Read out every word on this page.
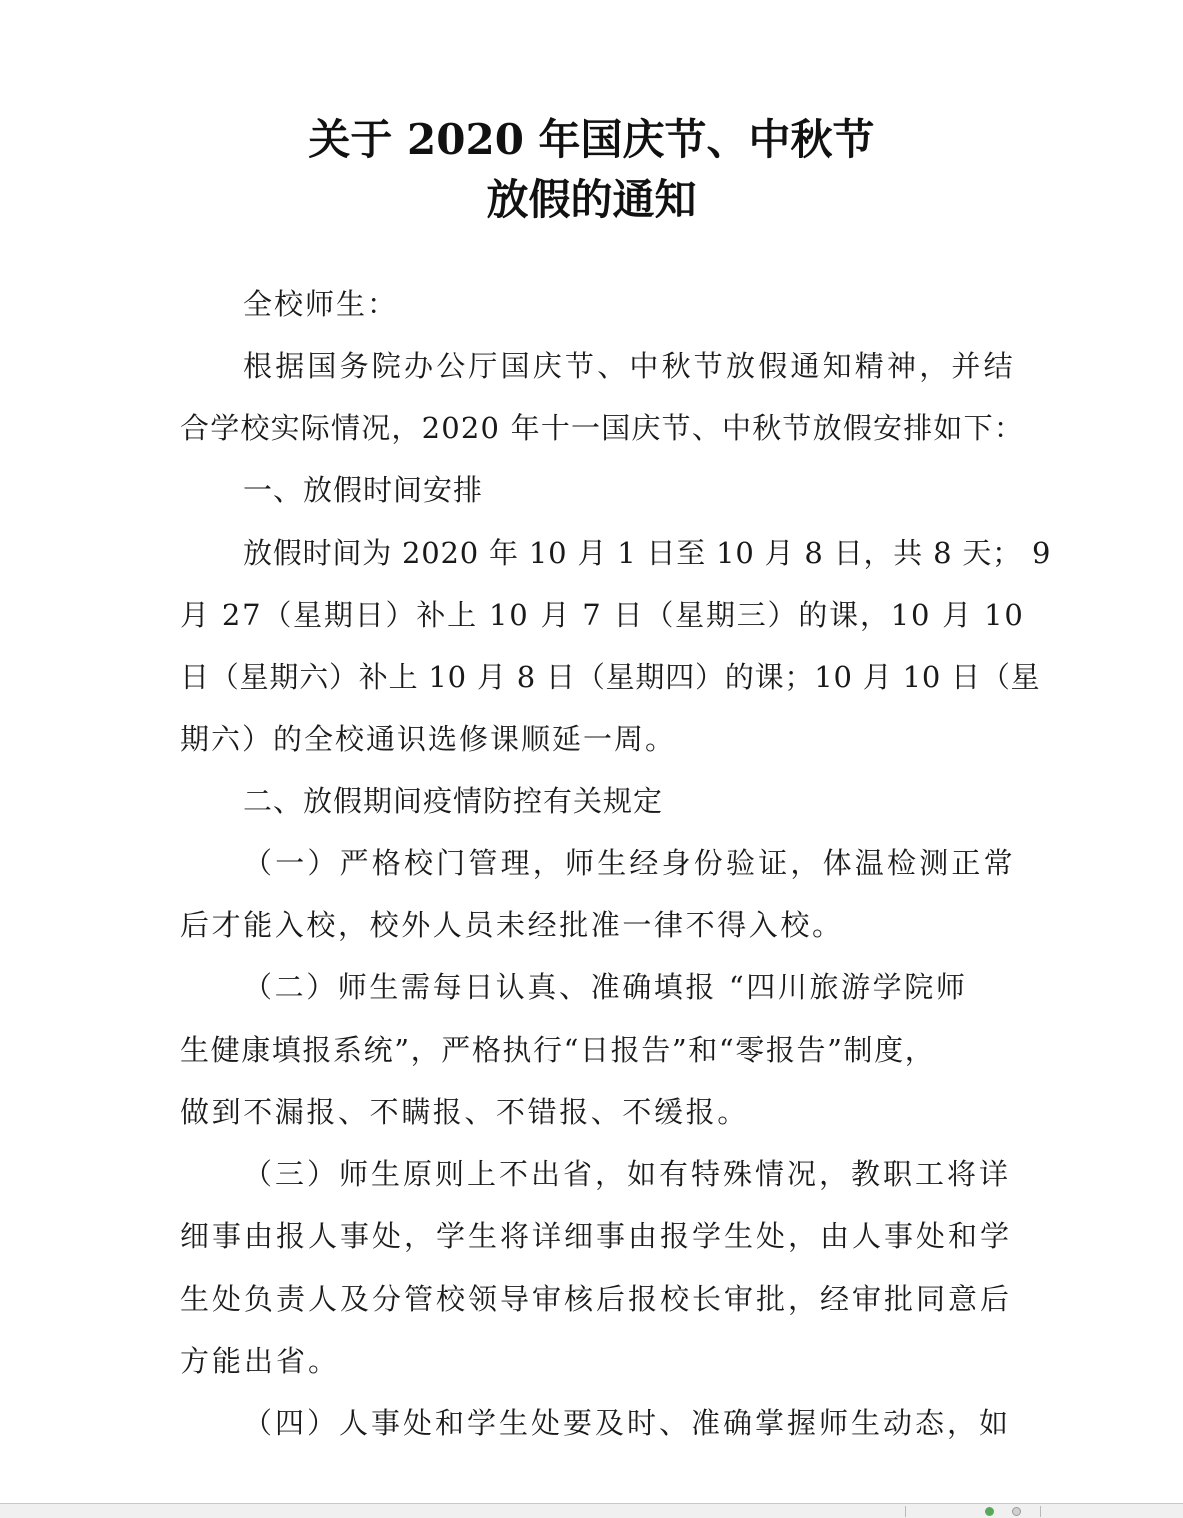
关于 2020 年国庆节、中秋节
放假的通知
全校师生：
根据国务院办公厅国庆节、中秋节放假通知精神，并结
合学校实际情况，2020 年十一国庆节、中秋节放假安排如下：
一、放假时间安排
放假时间为 2020 年 10 月 1 日至 10 月 8 日，共 8 天； 9
月 27（星期日）补上 10 月 7 日（星期三）的课，10 月 10
日（星期六）补上 10 月 8 日（星期四）的课；10 月 10 日（星
期六）的全校通识选修课顺延一周。
二、放假期间疫情防控有关规定
（一）严格校门管理，师生经身份验证，体温检测正常
后才能入校，校外人员未经批准一律不得入校。
（二）师生需每日认真、准确填报 “四川旅游学院师
生健康填报系统”，严格执行“日报告”和“零报告”制度，
做到不漏报、不瞒报、不错报、不缓报。
（三）师生原则上不出省，如有特殊情况，教职工将详
细事由报人事处，学生将详细事由报学生处，由人事处和学
生处负责人及分管校领导审核后报校长审批，经审批同意后
方能出省。
（四）人事处和学生处要及时、准确掌握师生动态，如
